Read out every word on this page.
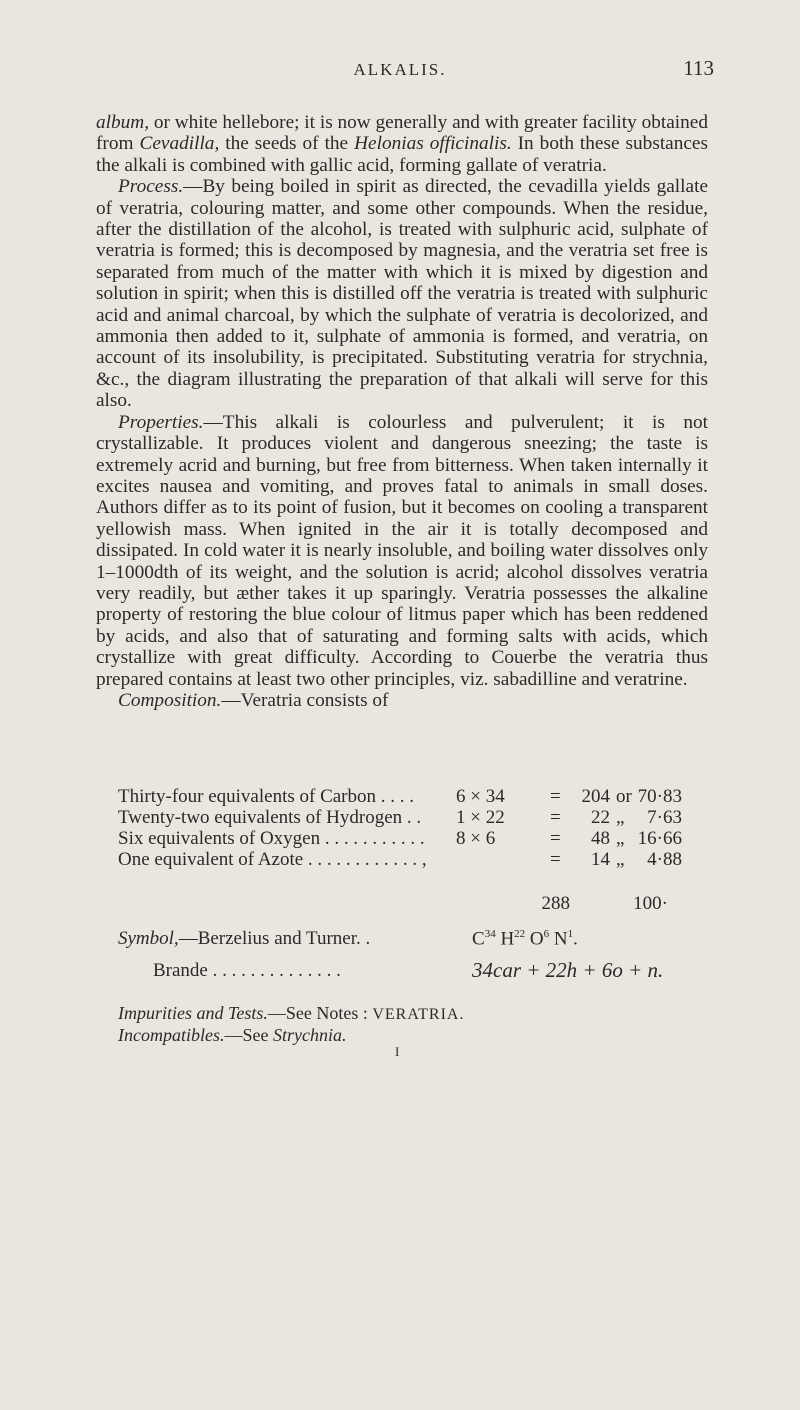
ALKALIS.	113

album, or white hellebore; it is now generally and with greater facility obtained from Cevadilla, the seeds of the Helonias officinalis. In both these substances the alkali is combined with gallic acid, forming gallate of veratria.

Process.—By being boiled in spirit as directed, the cevadilla yields gallate of veratria, colouring matter, and some other compounds. When the residue, after the distillation of the alcohol, is treated with sulphuric acid, sulphate of veratria is formed; this is decomposed by magnesia, and the veratria set free is separated from much of the matter with which it is mixed by digestion and solution in spirit; when this is distilled off the veratria is treated with sulphuric acid and animal charcoal, by which the sulphate of veratria is decolorized, and ammonia then added to it, sulphate of ammonia is formed, and veratria, on account of its insolubility, is precipitated. Substituting veratria for strychnia, &c., the diagram illustrating the preparation of that alkali will serve for this also.

Properties.—This alkali is colourless and pulverulent; it is not crystallizable. It produces violent and dangerous sneezing; the taste is extremely acrid and burning, but free from bitterness. When taken internally it excites nausea and vomiting, and proves fatal to animals in small doses. Authors differ as to its point of fusion, but it becomes on cooling a transparent yellowish mass. When ignited in the air it is totally decomposed and dissipated. In cold water it is nearly insoluble, and boiling water dissolves only 1–1000dth of its weight, and the solution is acrid; alcohol dissolves veratria very readily, but æther takes it up sparingly. Veratria possesses the alkaline property of restoring the blue colour of litmus paper which has been reddened by acids, and also that of saturating and forming salts with acids, which crystallize with great difficulty. According to Couerbe the veratria thus prepared contains at least two other principles, viz. sabadilline and veratrine.

Composition.—Veratria consists of

Thirty-four equivalents of Carbon . . . . 6 × 34 =	204 or 70·83
Twenty-two equivalents of Hydrogen . . 1 × 22 =	22 „	7·63
Six equivalents of Oxygen . . . . . . . . . . . 8 × 6	=	48 „ 16·66
One equivalent of Azote . . . . . . . . . . . . ,	=	14 „	4·88
288	100·
Symbol,—Berzelius and Turner. .	$C^{34}$ $H^{22}$ $O^6$ $N^1$.
Brande . . . . . . . . . . . . . .	34car + 22h + 6o + n.
Impurities and Tests.—See Notes : VERATRIA.
Incompatibles.—See Strychnia.
I
